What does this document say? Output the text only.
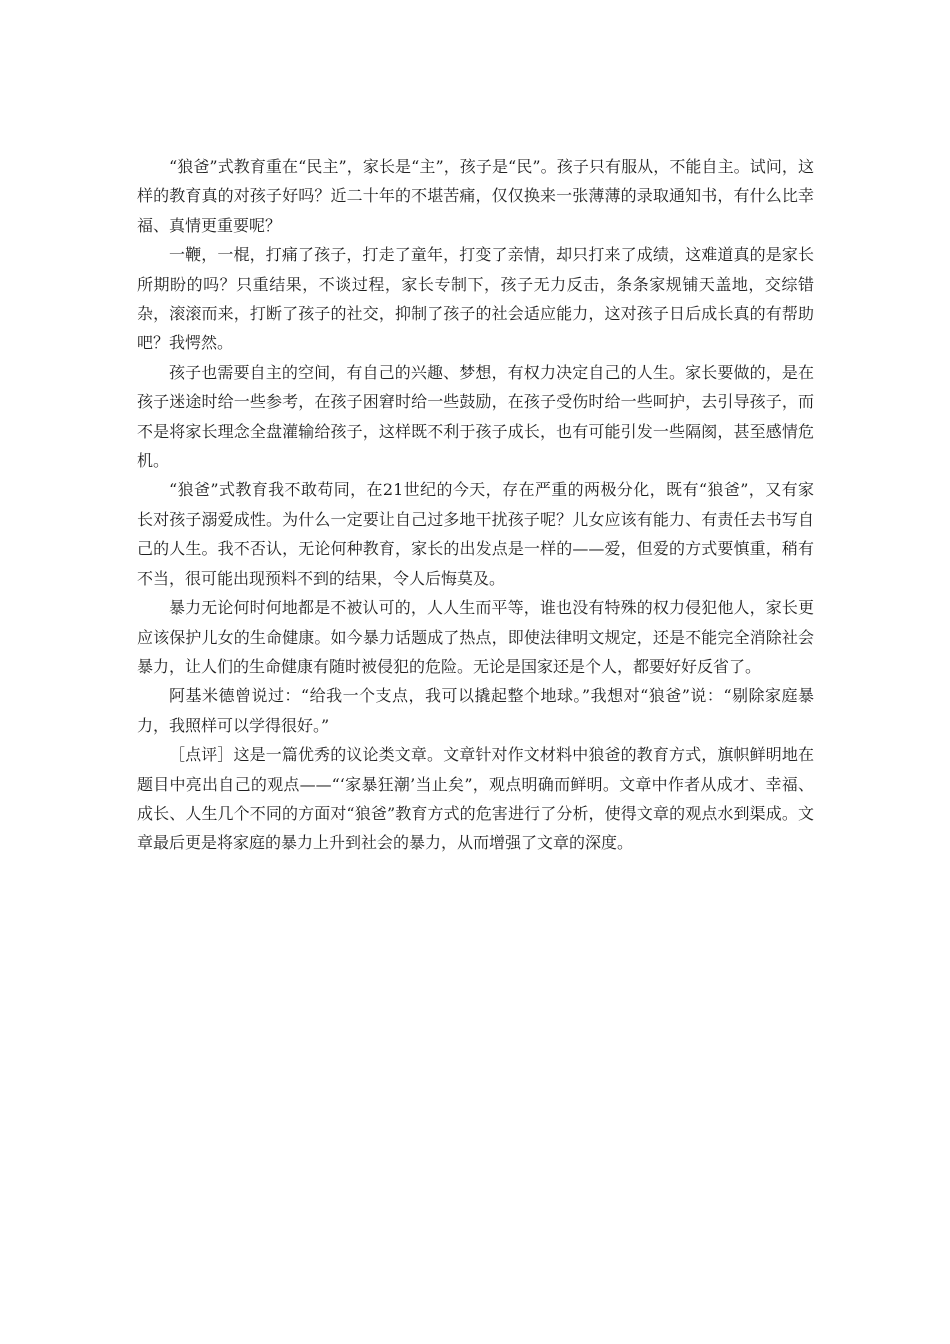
“狼爸”式教育重在“民主”，家长是“主”，孩子是“民”。孩子只有服从，不能自主。试问，这样的教育真的对孩子好吗？近二十年的不堪苦痛，仅仅换来一张薄薄的录取通知书，有什么比幸福、真情更重要呢？

一鞭，一棍，打痛了孩子，打走了童年，打变了亲情，却只打来了成绩，这难道真的是家长所期盼的吗？只重结果，不谈过程，家长专制下，孩子无力反击，条条家规铺天盖地，交综错杂，滚滚而来，打断了孩子的社交，抑制了孩子的社会适应能力，这对孩子日后成长真的有帮助吧？我愕然。

孩子也需要自主的空间，有自己的兴趣、梦想，有权力决定自己的人生。家长要做的，是在孩子迷途时给一些参考，在孩子困窘时给一些鼓励，在孩子受伤时给一些呵护，去引导孩子，而不是将家长理念全盘灌输给孩子，这样既不利于孩子成长，也有可能引发一些隔阂，甚至感情危机。

“狼爸”式教育我不敢苟同，在21世纪的今天，存在严重的两极分化，既有“狼爸”，又有家长对孩子溺爱成性。为什么一定要让自己过多地干扰孩子呢？儿女应该有能力、有责任去书写自己的人生。我不否认，无论何种教育，家长的出发点是一样的——爱，但爱的方式要慎重，稍有不当，很可能出现预料不到的结果，令人后悔莫及。

暴力无论何时何地都是不被认可的，人人生而平等，谁也没有特殊的权力侵犯他人，家长更应该保护儿女的生命健康。如今暴力话题成了热点，即使法律明文规定，还是不能完全消除社会暴力，让人们的生命健康有随时被侵犯的危险。无论是国家还是个人，都要好好反省了。

阿基米德曾说过：“给我一个支点，我可以撬起整个地球。”我想对“狼爸”说：“剔除家庭暴力，我照样可以学得很好。”

［点评］这是一篇优秀的议论类文章。文章针对作文材料中狼爸的教育方式，旗帜鲜明地在题目中亮出自己的观点——“‘家暴狂潮’当止矣”，观点明确而鲜明。文章中作者从成才、幸福、成长、人生几个不同的方面对“狼爸”教育方式的危害进行了分析，使得文章的观点水到渠成。文章最后更是将家庭的暴力上升到社会的暴力，从而增强了文章的深度。
